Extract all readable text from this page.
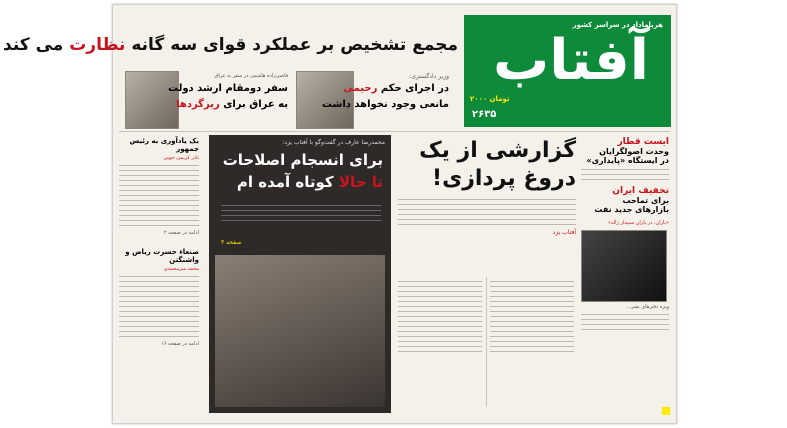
هرباماداد در سراسر کشور
آفتاب
۲۰۰۰ تومان
۲۶۳۵
مجمع تشخیص بر عملکرد قوای سه گانه نظارت می کند
وزیر دادگستری:
در اجرای حکم رحیمی
مانعی وجود نخواهد داشت
قاضی‌زاده هاشمی در سفر به عراق
سفر دومقام ارشد دولت
به عراق برای ریزگردها
یک یادآوری به رئیس جمهور
نادر کریمی جونی
ادامه در صفحه ۲
صنعاء حسرت ریاض و واشنگتن
محمد میرمحمدی
ادامه در صفحه ۱۶
محمدرضا عارف در گفت‌وگو با آفتاب یزد:
برای انسجام اصلاحات
تا حالا کوتاه آمده ام
صفحه ۳
گزارشی از یک
دروغ پردازی!
آفتاب یزد
ایست قطار
وحدت اصولگرایان
در ایستگاه «پایداری»
تخفیف ایران
برای تماحب
بازارهای جدید نفت
«باران، در باران سپیدار ژاله»
ویژه دفترهای نشر...
